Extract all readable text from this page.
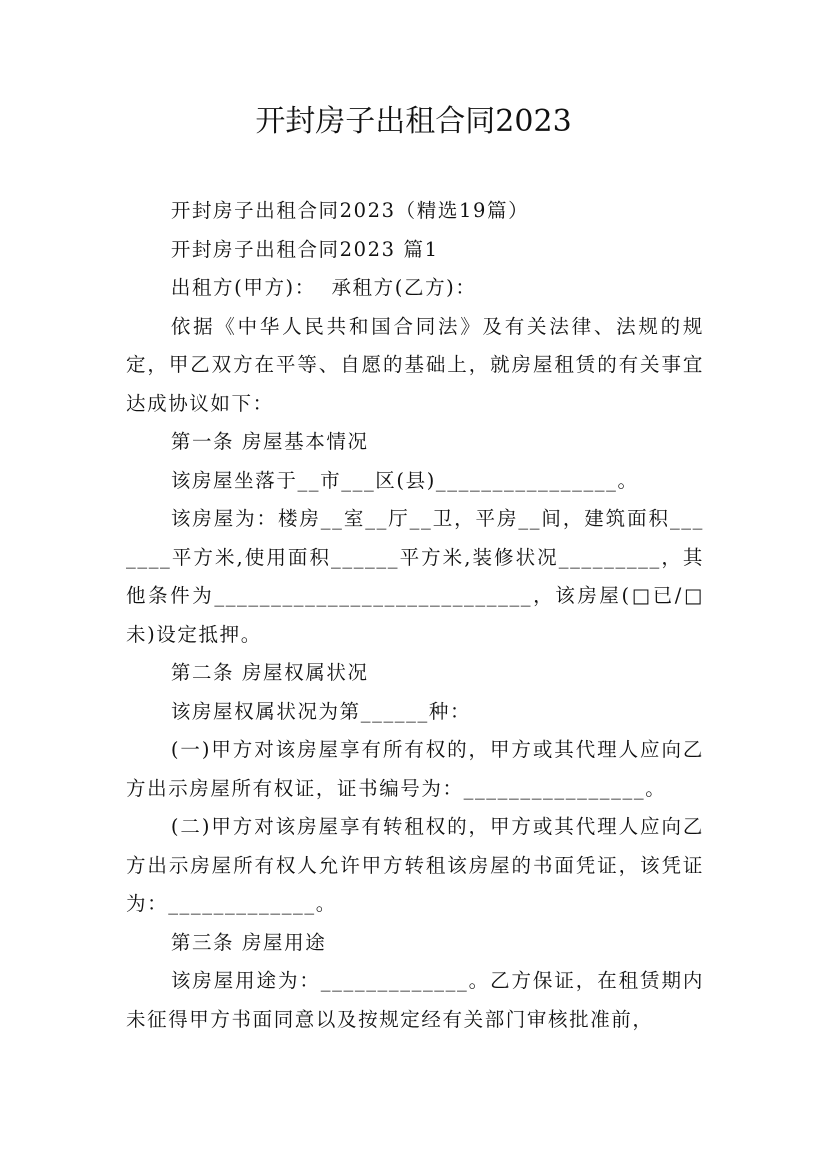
开封房子出租合同2023

开封房子出租合同2023（精选19篇）

开封房子出租合同2023 篇1

出租方(甲方)：  承租方(乙方)：

依据《中华人民共和国合同法》及有关法律、法规的规定，甲乙双方在平等、自愿的基础上，就房屋租赁的有关事宜达成协议如下：

第一条 房屋基本情况

该房屋坐落于__市___区(县)________________。

该房屋为：楼房__室__厅__卫，平房__间，建筑面积_______平方米,使用面积______平方米,装修状况_________，其他条件为____________________________，该房屋(□已/□未)设定抵押。

第二条 房屋权属状况

该房屋权属状况为第______种：

(一)甲方对该房屋享有所有权的，甲方或其代理人应向乙方出示房屋所有权证，证书编号为：________________。

(二)甲方对该房屋享有转租权的，甲方或其代理人应向乙方出示房屋所有权人允许甲方转租该房屋的书面凭证，该凭证为：_____________。

第三条 房屋用途

该房屋用途为：_____________。乙方保证，在租赁期内未征得甲方书面同意以及按规定经有关部门审核批准前，
